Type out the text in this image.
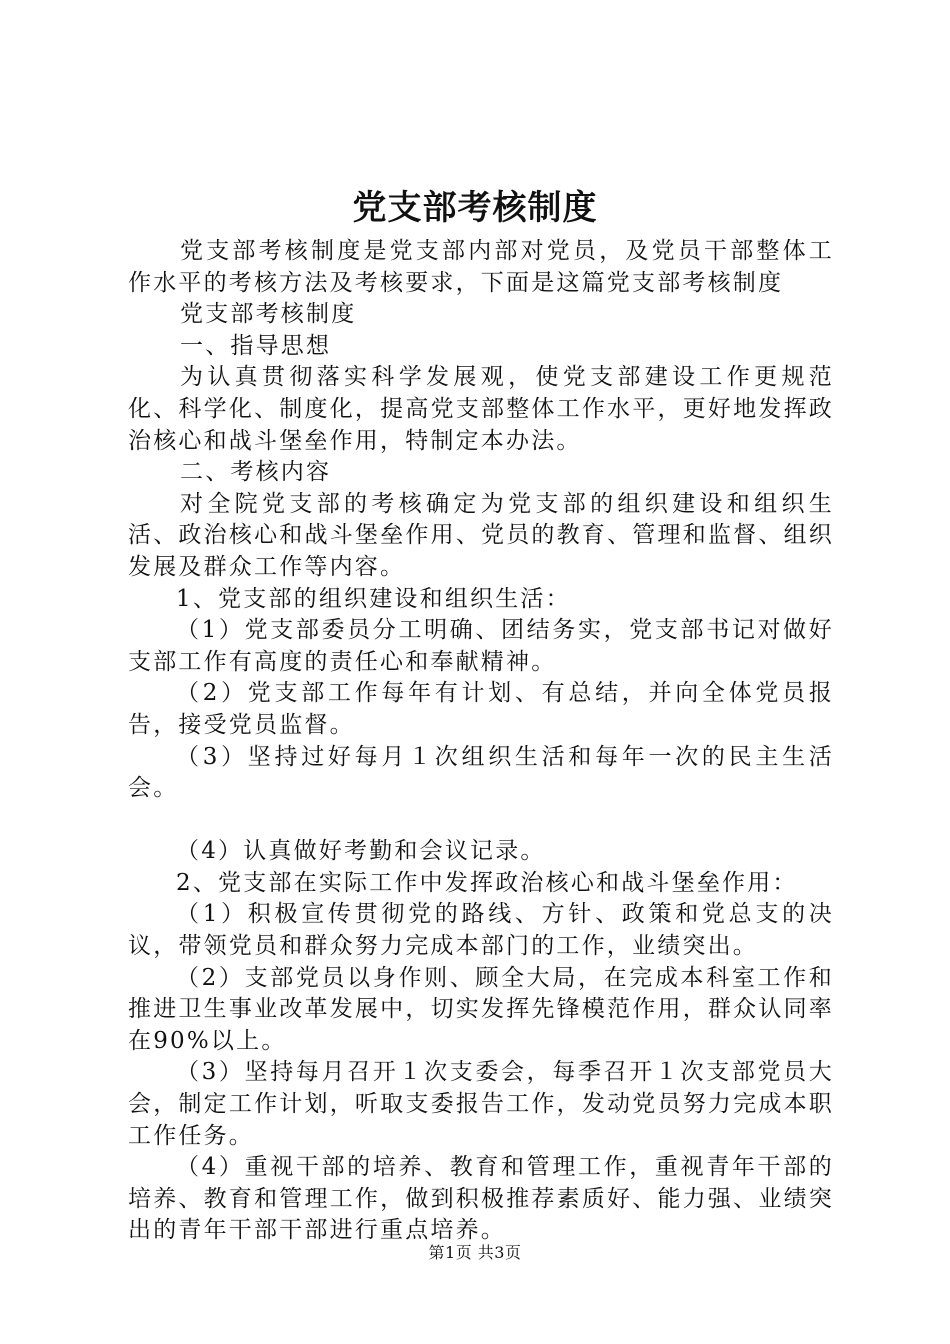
党支部考核制度

党支部考核制度是党支部内部对党员，及党员干部整体工作水平的考核方法及考核要求，下面是这篇党支部考核制度

党支部考核制度

一、指导思想

为认真贯彻落实科学发展观，使党支部建设工作更规范化、科学化、制度化，提高党支部整体工作水平，更好地发挥政治核心和战斗堡垒作用，特制定本办法。

二、考核内容

对全院党支部的考核确定为党支部的组织建设和组织生活、政治核心和战斗堡垒作用、党员的教育、管理和监督、组织发展及群众工作等内容。

1、党支部的组织建设和组织生活：

（1）党支部委员分工明确、团结务实，党支部书记对做好支部工作有高度的责任心和奉献精神。

（2）党支部工作每年有计划、有总结，并向全体党员报告，接受党员监督。

（3）坚持过好每月１次组织生活和每年一次的民主生活会。

（4）认真做好考勤和会议记录。

2、党支部在实际工作中发挥政治核心和战斗堡垒作用：

（1）积极宣传贯彻党的路线、方针、政策和党总支的决议，带领党员和群众努力完成本部门的工作，业绩突出。

（2）支部党员以身作则、顾全大局，在完成本科室工作和推进卫生事业改革发展中，切实发挥先锋模范作用，群众认同率在90%以上。

（3）坚持每月召开１次支委会，每季召开１次支部党员大会，制定工作计划，听取支委报告工作，发动党员努力完成本职工作任务。

（4）重视干部的培养、教育和管理工作，重视青年干部的培养、教育和管理工作，做到积极推荐素质好、能力强、业绩突出的青年干部干部进行重点培养。

第1页 共3页
